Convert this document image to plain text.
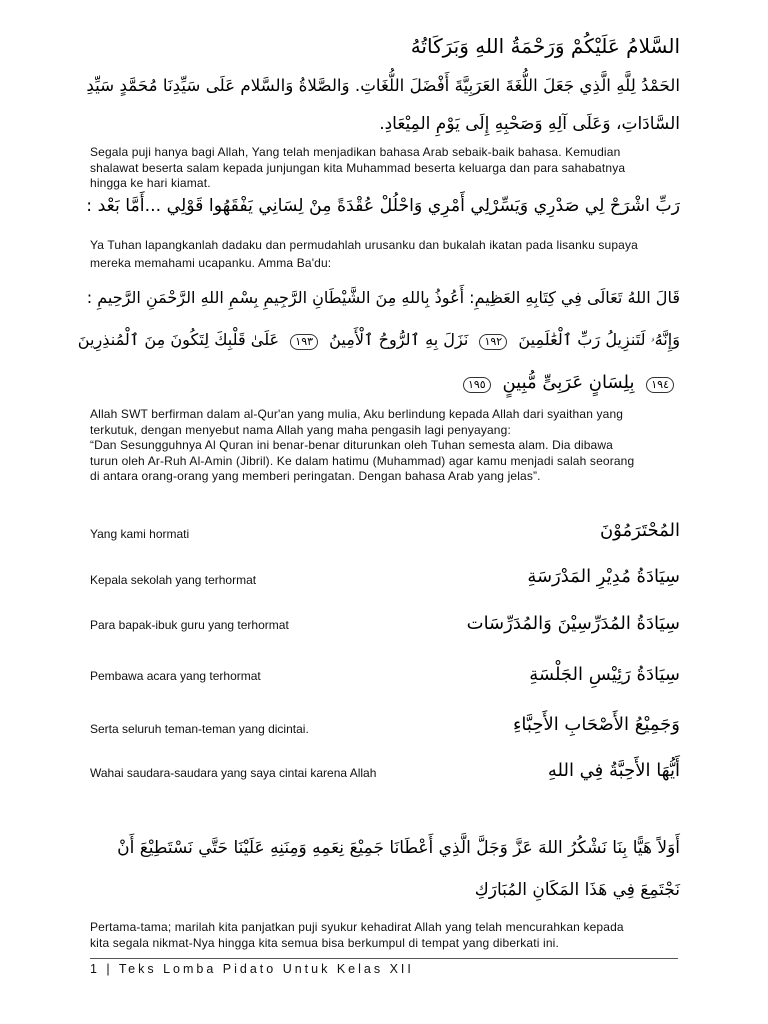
السَّلامُ عَلَيْكُمْ وَرَحْمَةُ اللهِ وَبَرَكَاتُهُ
الحَمْدُ لِلَّهِ الَّذِي جَعَلَ اللُّغَةَ العَرَبِيَّةَ أَفْضَلَ اللُّغَاتِ. وَالصَّلاةُ وَالسَّلام عَلَى سَيِّدِنَا مُحَمَّدٍ سَيِّدِ
السَّادَاتِ، وَعَلَى آلِهِ وَصَحْبِهِ إِلَى يَوْمِ المِيْعَادِ.
Segala puji hanya bagi Allah, Yang telah menjadikan bahasa Arab sebaik-baik bahasa. Kemudian
shalawat beserta salam kepada junjungan kita Muhammad beserta keluarga dan para sahabatnya
hingga ke hari kiamat.
رَبِّ اشْرَحْ لِي صَدْرِي وَيَسِّرْلِي أَمْرِي وَاحْلُلْ عُقْدَةً مِنْ لِسَانِي يَفْقَهُوا قَوْلِي ...أَمَّا بَعْد :
Ya Tuhan lapangkanlah dadaku dan permudahlah urusanku dan bukalah ikatan pada lisanku supaya
mereka memahami ucapanku. Amma Ba'du:
قَالَ اللهُ تَعَالَى فِي كِتَابِهِ العَظِيمِ: أَعُوذُ بِاللهِ مِنَ الشَّيْطَانِ الرَّجِيمِ بِسْمِ اللهِ الرَّحْمَنِ الرَّحِيمِ :
وَإِنَّهُۥ لَتَنزِيلُ رَبِّ ٱلْعَٰلَمِينَ ١٩٢ نَزَلَ بِهِ ٱلرُّوحُ ٱلْأَمِينُ ١٩٣ عَلَىٰ قَلْبِكَ لِتَكُونَ مِنَ ٱلْمُنذِرِينَ
١٩٤ بِلِسَانٍ عَرَبِىٍّ مُّبِينٍ ١٩٥
Allah SWT berfirman dalam al-Qur'an yang mulia, Aku berlindung kepada Allah dari syaithan yang
terkutuk, dengan menyebut nama Allah yang maha pengasih lagi penyayang:
“Dan Sesungguhnya Al Quran ini benar-benar diturunkan oleh Tuhan semesta alam. Dia dibawa
turun oleh Ar-Ruh Al-Amin (Jibril). Ke dalam hatimu (Muhammad) agar kamu menjadi salah seorang
di antara orang-orang yang memberi peringatan. Dengan bahasa Arab yang jelas”.
Yang kami hormati	المُحْتَرَمُوْنَ
Kepala sekolah yang terhormat	سِيَادَةُ مُدِيْرِ المَدْرَسَةِ
Para bapak-ibuk guru yang terhormat	سِيَادَةُ المُدَرِّسِيْنَ وَالمُدَرِّسَات
Pembawa acara yang terhormat	سِيَادَةُ رَئِيْسِ الجَلْسَةِ
Serta seluruh teman-teman yang dicintai.	وَجَمِيْعُ الأَصْحَابِ الأَحِبَّاءِ
Wahai saudara-saudara yang saya cintai karena Allah	أَيُّهَا الأَحِبَّةُ فِي اللهِ
أَوَلاً هَيًّا بِنَا نَشْكُرُ اللهَ عَزَّ وَجَلَّ الَّذِي أَعْطَانَا جَمِيْعَ نِعَمِهِ وَمِنَنِهِ عَلَيْنَا حَتَّي نَسْتَطِيْعَ أَنْ
نَجْتَمِعَ فِي هَذَا المَكَانِ المُبَارَكِ
Pertama-tama; marilah kita panjatkan puji syukur kehadirat Allah yang telah mencurahkan kepada
kita segala nikmat-Nya hingga kita semua bisa berkumpul di tempat yang diberkati ini.
1 | Teks Lomba Pidato Untuk Kelas XII
